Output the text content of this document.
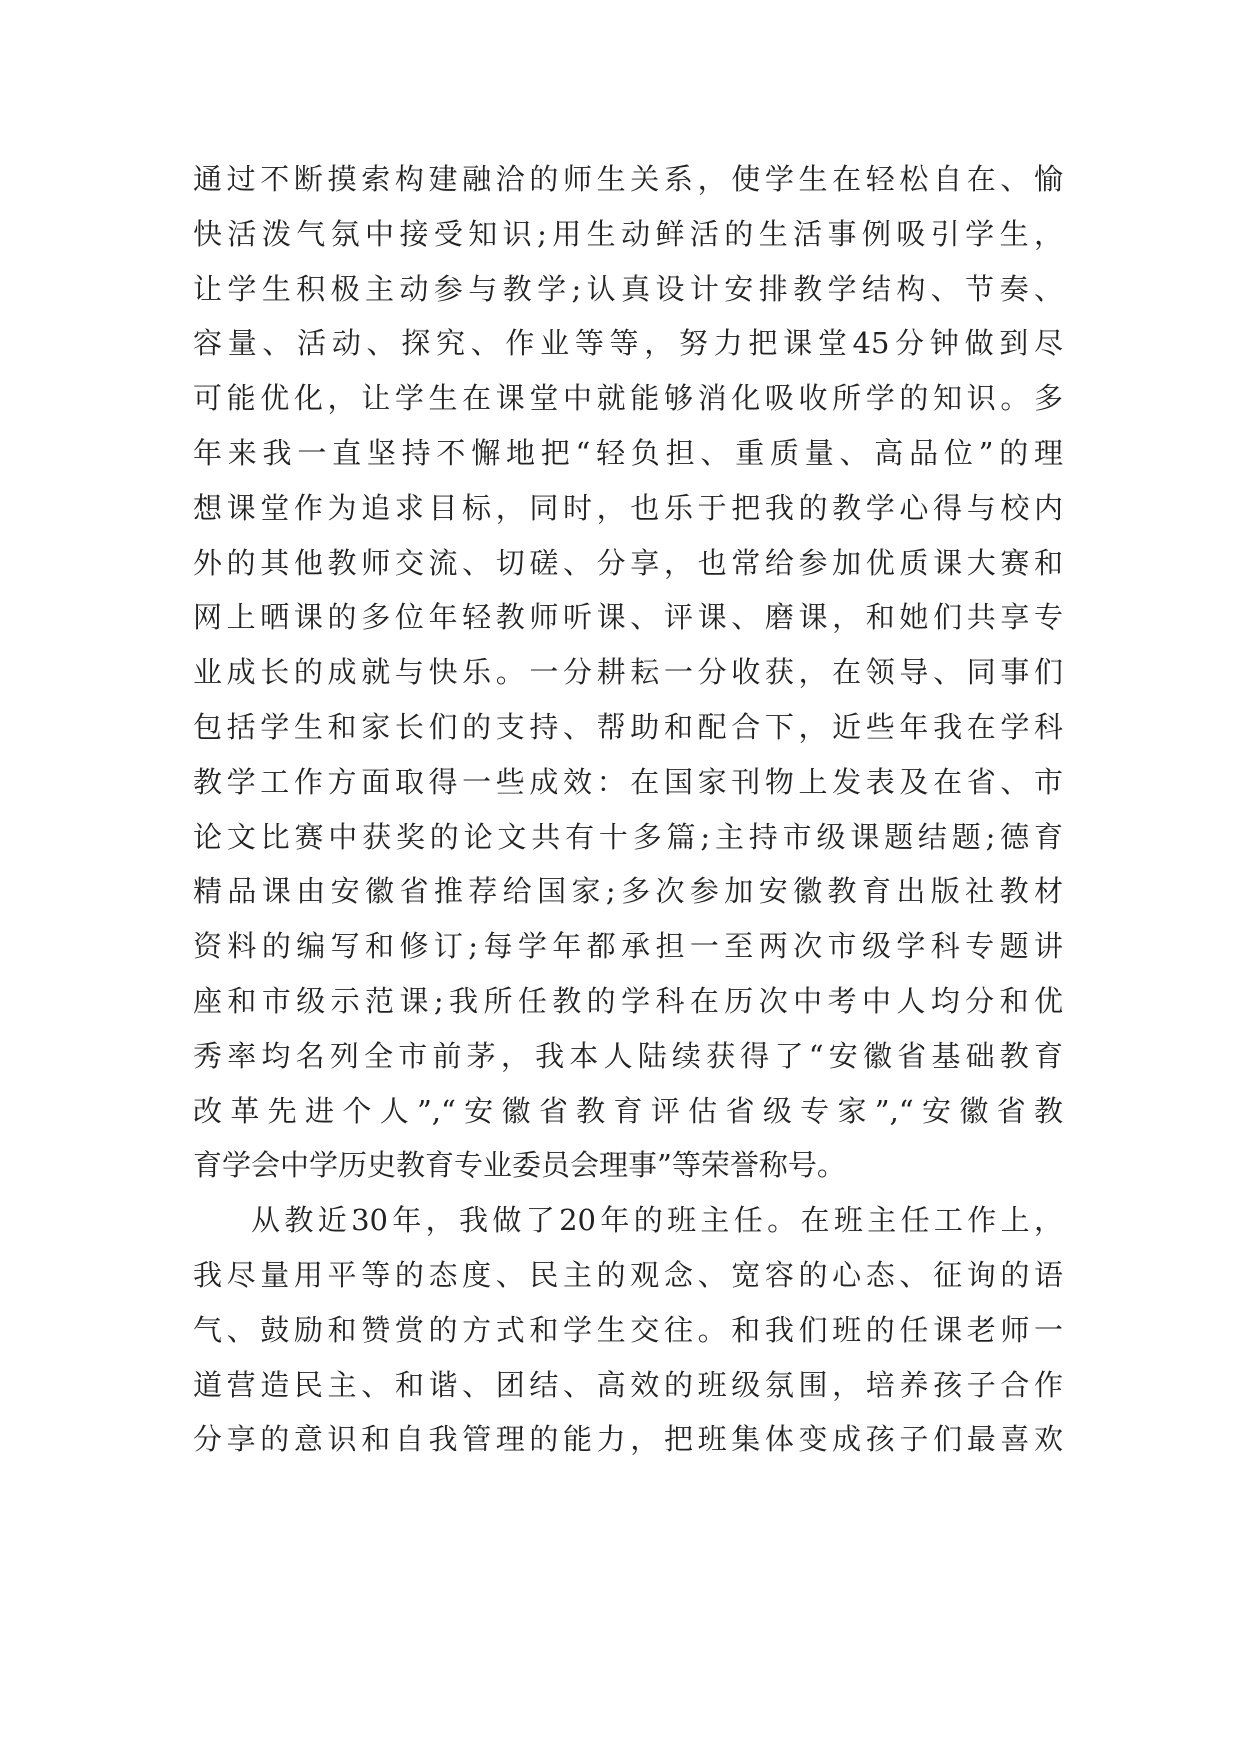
通过不断摸索构建融洽的师生关系，使学生在轻松自在、愉
快活泼气氛中接受知识;用生动鲜活的生活事例吸引学生，
让学生积极主动参与教学;认真设计安排教学结构、节奏、
容量、活动、探究、作业等等，努力把课堂45分钟做到尽
可能优化，让学生在课堂中就能够消化吸收所学的知识。多
年来我一直坚持不懈地把“轻负担、重质量、高品位”的理
想课堂作为追求目标，同时，也乐于把我的教学心得与校内
外的其他教师交流、切磋、分享，也常给参加优质课大赛和
网上晒课的多位年轻教师听课、评课、磨课，和她们共享专
业成长的成就与快乐。一分耕耘一分收获，在领导、同事们
包括学生和家长们的支持、帮助和配合下，近些年我在学科
教学工作方面取得一些成效：在国家刊物上发表及在省、市
论文比赛中获奖的论文共有十多篇;主持市级课题结题;德育
精品课由安徽省推荐给国家;多次参加安徽教育出版社教材
资料的编写和修订;每学年都承担一至两次市级学科专题讲
座和市级示范课;我所任教的学科在历次中考中人均分和优
秀率均名列全市前茅，我本人陆续获得了“安徽省基础教育
改革先进个人”,“安徽省教育评估省级专家”,“安徽省教
育学会中学历史教育专业委员会理事”等荣誉称号。
从教近30年，我做了20年的班主任。在班主任工作上，
我尽量用平等的态度、民主的观念、宽容的心态、征询的语
气、鼓励和赞赏的方式和学生交往。和我们班的任课老师一
道营造民主、和谐、团结、高效的班级氛围，培养孩子合作
分享的意识和自我管理的能力，把班集体变成孩子们最喜欢
